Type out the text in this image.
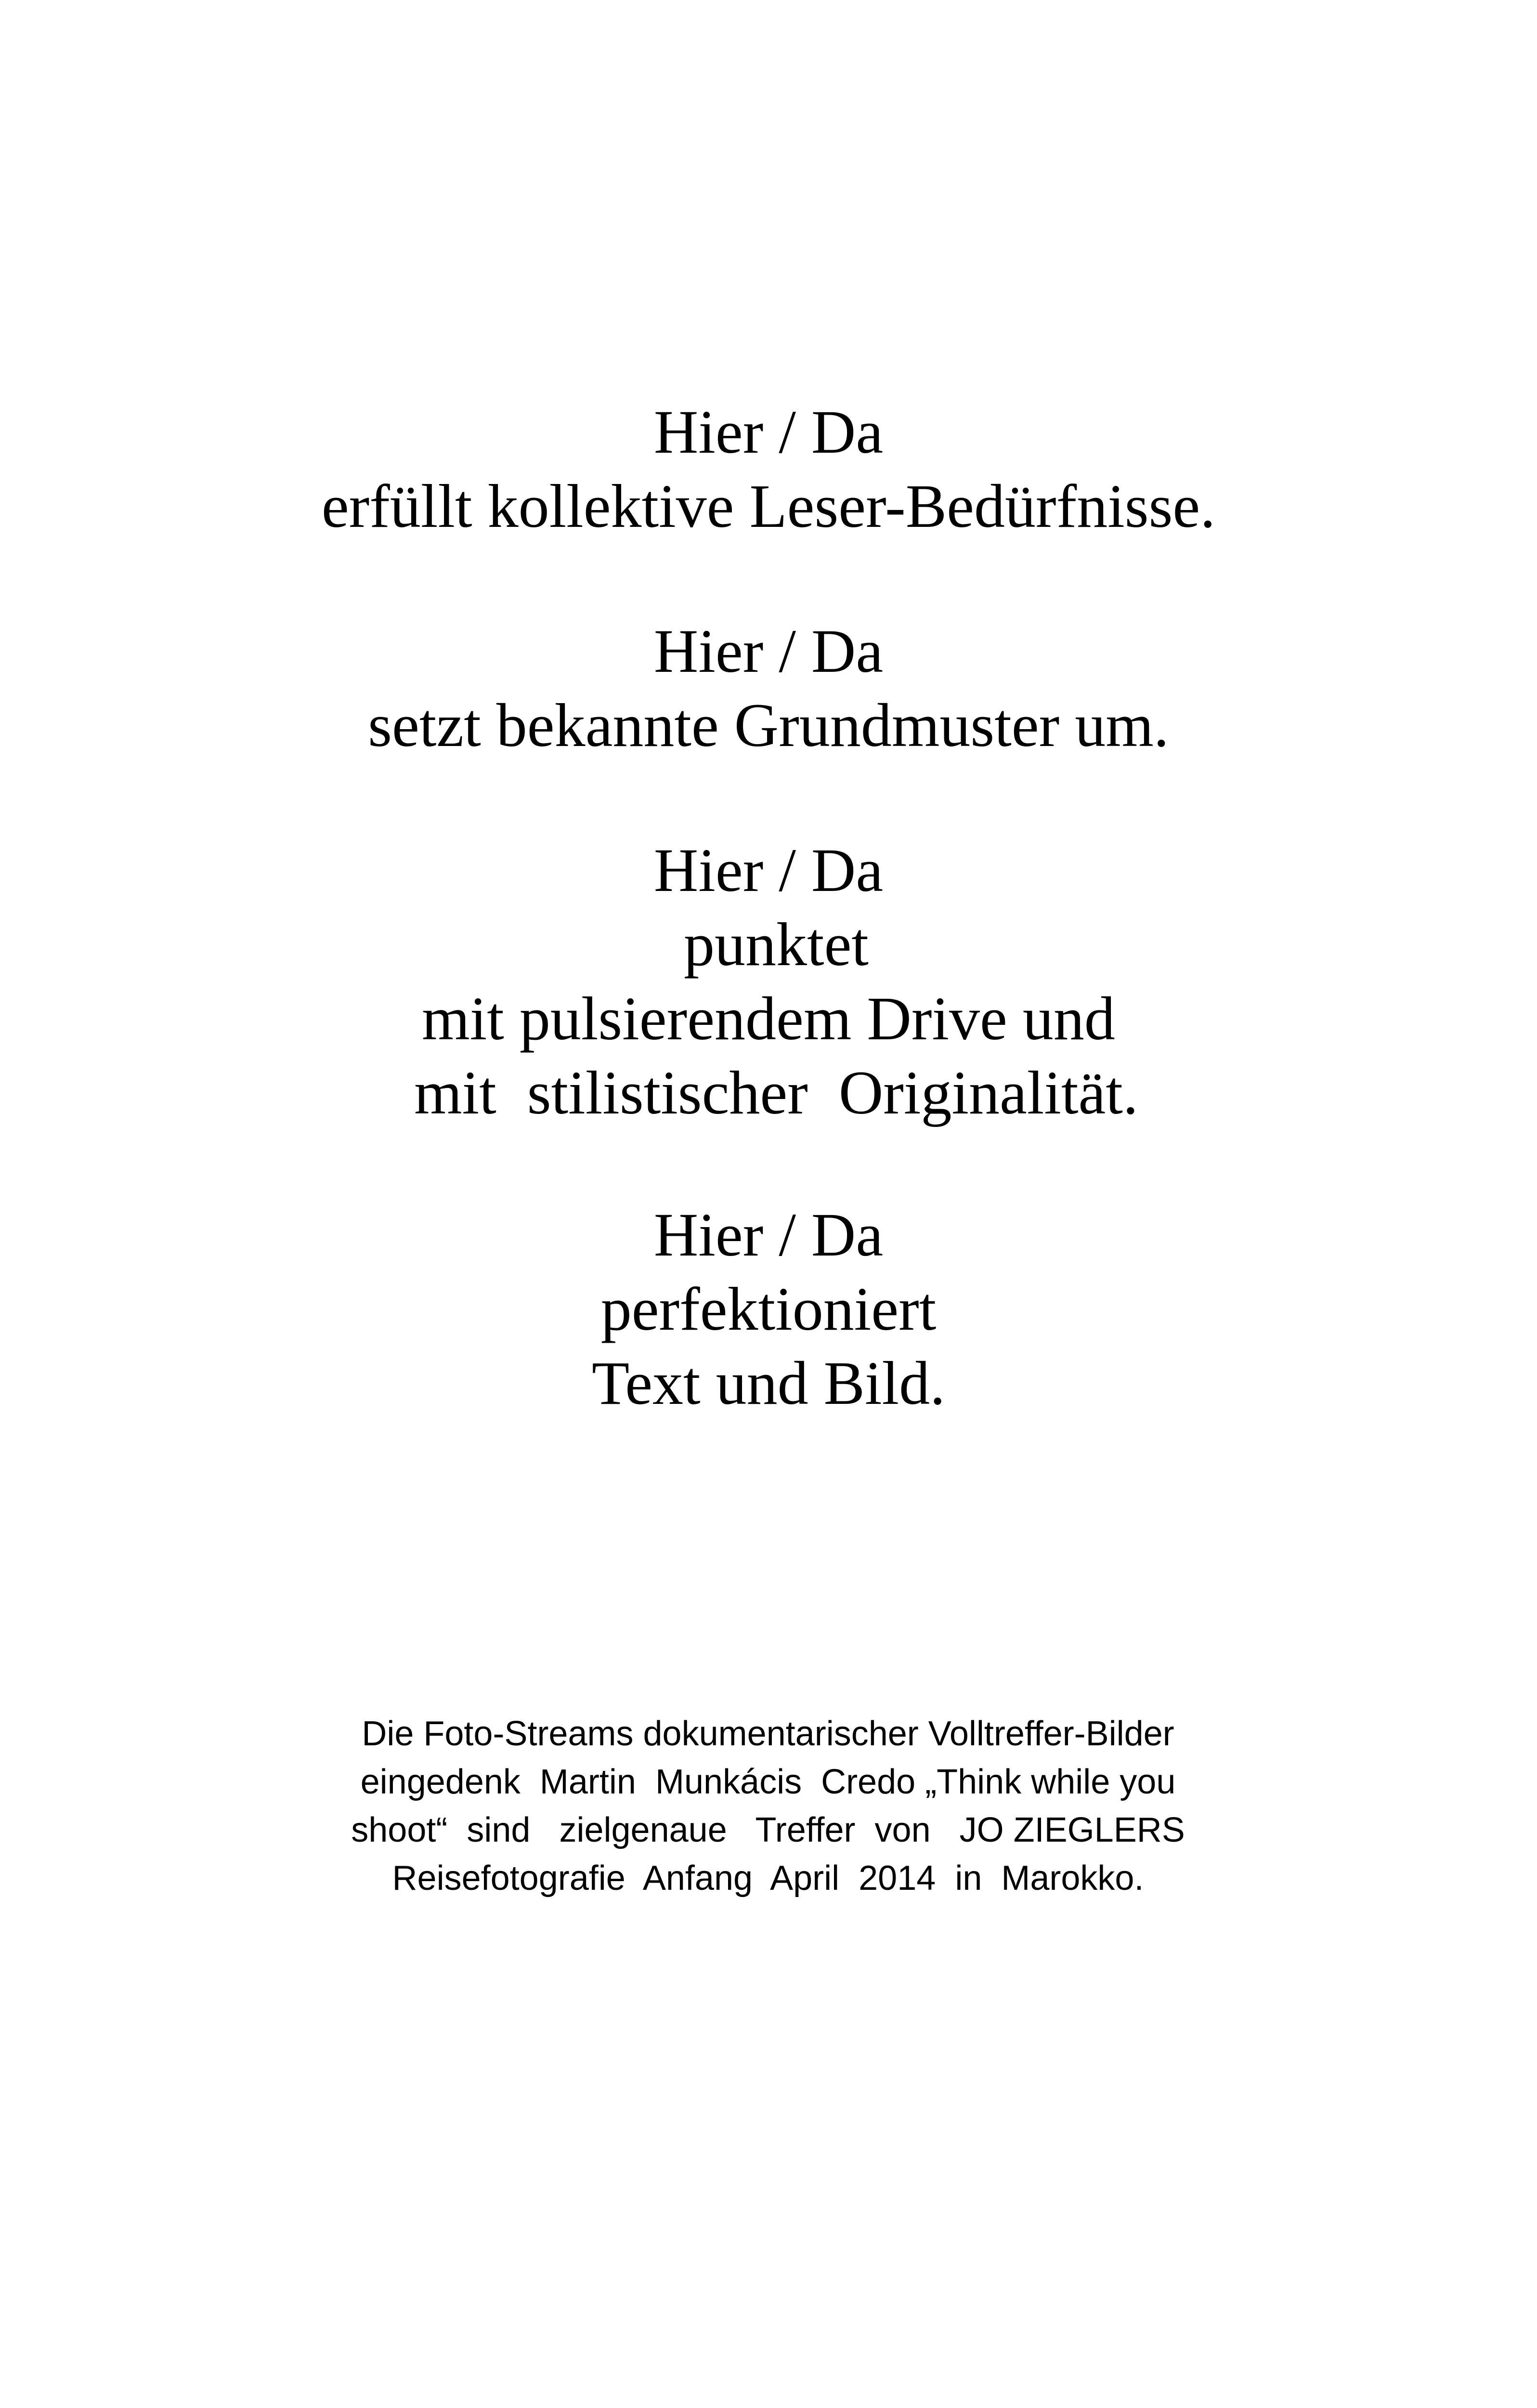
Hier / Da
erfüllt kollektive Leser-Bedürfnisse.
Hier / Da
setzt bekannte Grundmuster um.
Hier / Da
punktet
mit pulsierendem Drive und
mit  stilistischer  Originalität.
Hier / Da
perfektioniert
Text und Bild.
Die Foto-Streams dokumentarischer Volltreffer-Bilder
eingedenk  Martin  Munkácis  Credo „Think while you
shoot“  sind   zielgenaue   Treffer  von   JO ZIEGLERS
Reisefotografie  Anfang  April  2014  in  Marokko.
